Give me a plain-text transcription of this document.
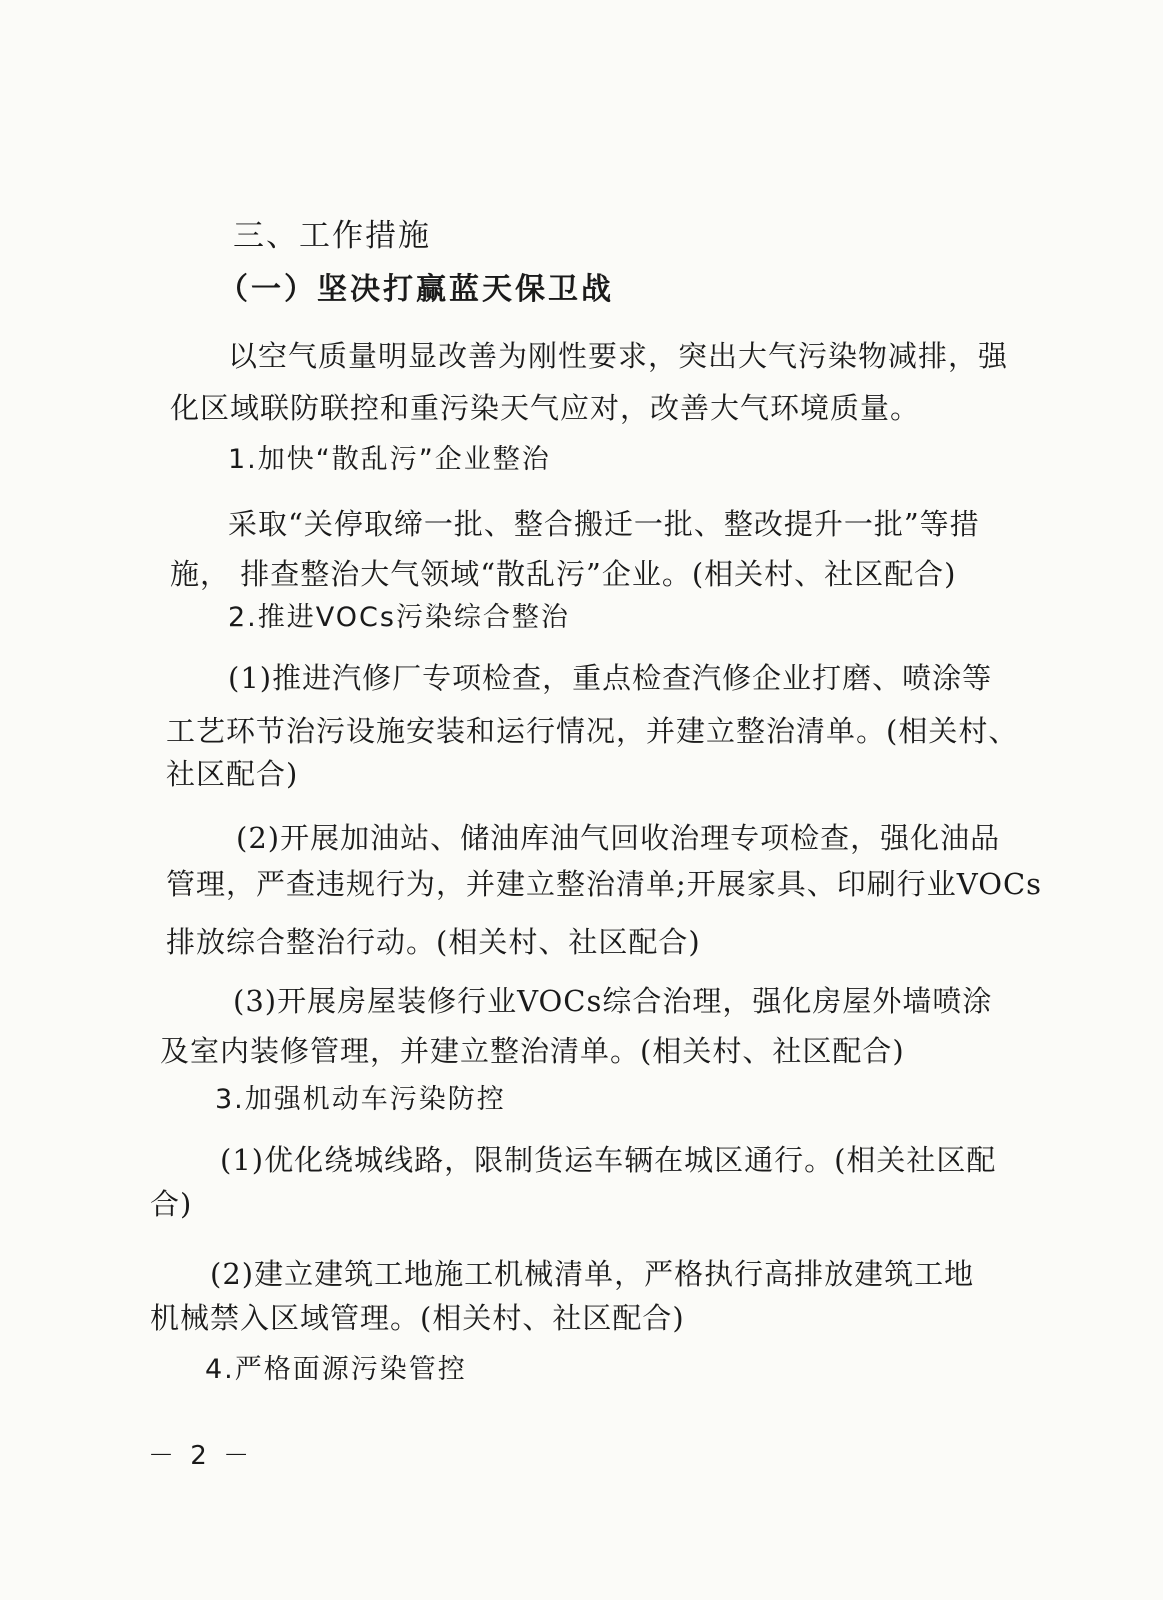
三、工作措施
（一）坚决打赢蓝天保卫战
以空气质量明显改善为刚性要求，突出大气污染物减排，强
化区域联防联控和重污染天气应对，改善大气环境质量。
1.加快“散乱污”企业整治
采取“关停取缔一批、整合搬迁一批、整改提升一批”等措
施， 排查整治大气领域“散乱污”企业。(相关村、社区配合)
2.推进VOCs污染综合整治
(1)推进汽修厂专项检查，重点检查汽修企业打磨、喷涂等
工艺环节治污设施安装和运行情况，并建立整治清单。(相关村、
社区配合)
(2)开展加油站、储油库油气回收治理专项检查，强化油品
管理，严查违规行为，并建立整治清单;开展家具、印刷行业VOCs
排放综合整治行动。(相关村、社区配合)
(3)开展房屋装修行业VOCs综合治理，强化房屋外墙喷涂
及室内装修管理，并建立整治清单。(相关村、社区配合)
3.加强机动车污染防控
(1)优化绕城线路，限制货运车辆在城区通行。(相关社区配
合)
(2)建立建筑工地施工机械清单，严格执行高排放建筑工地
机械禁入区域管理。(相关村、社区配合)
4.严格面源污染管控
－ 2 －
